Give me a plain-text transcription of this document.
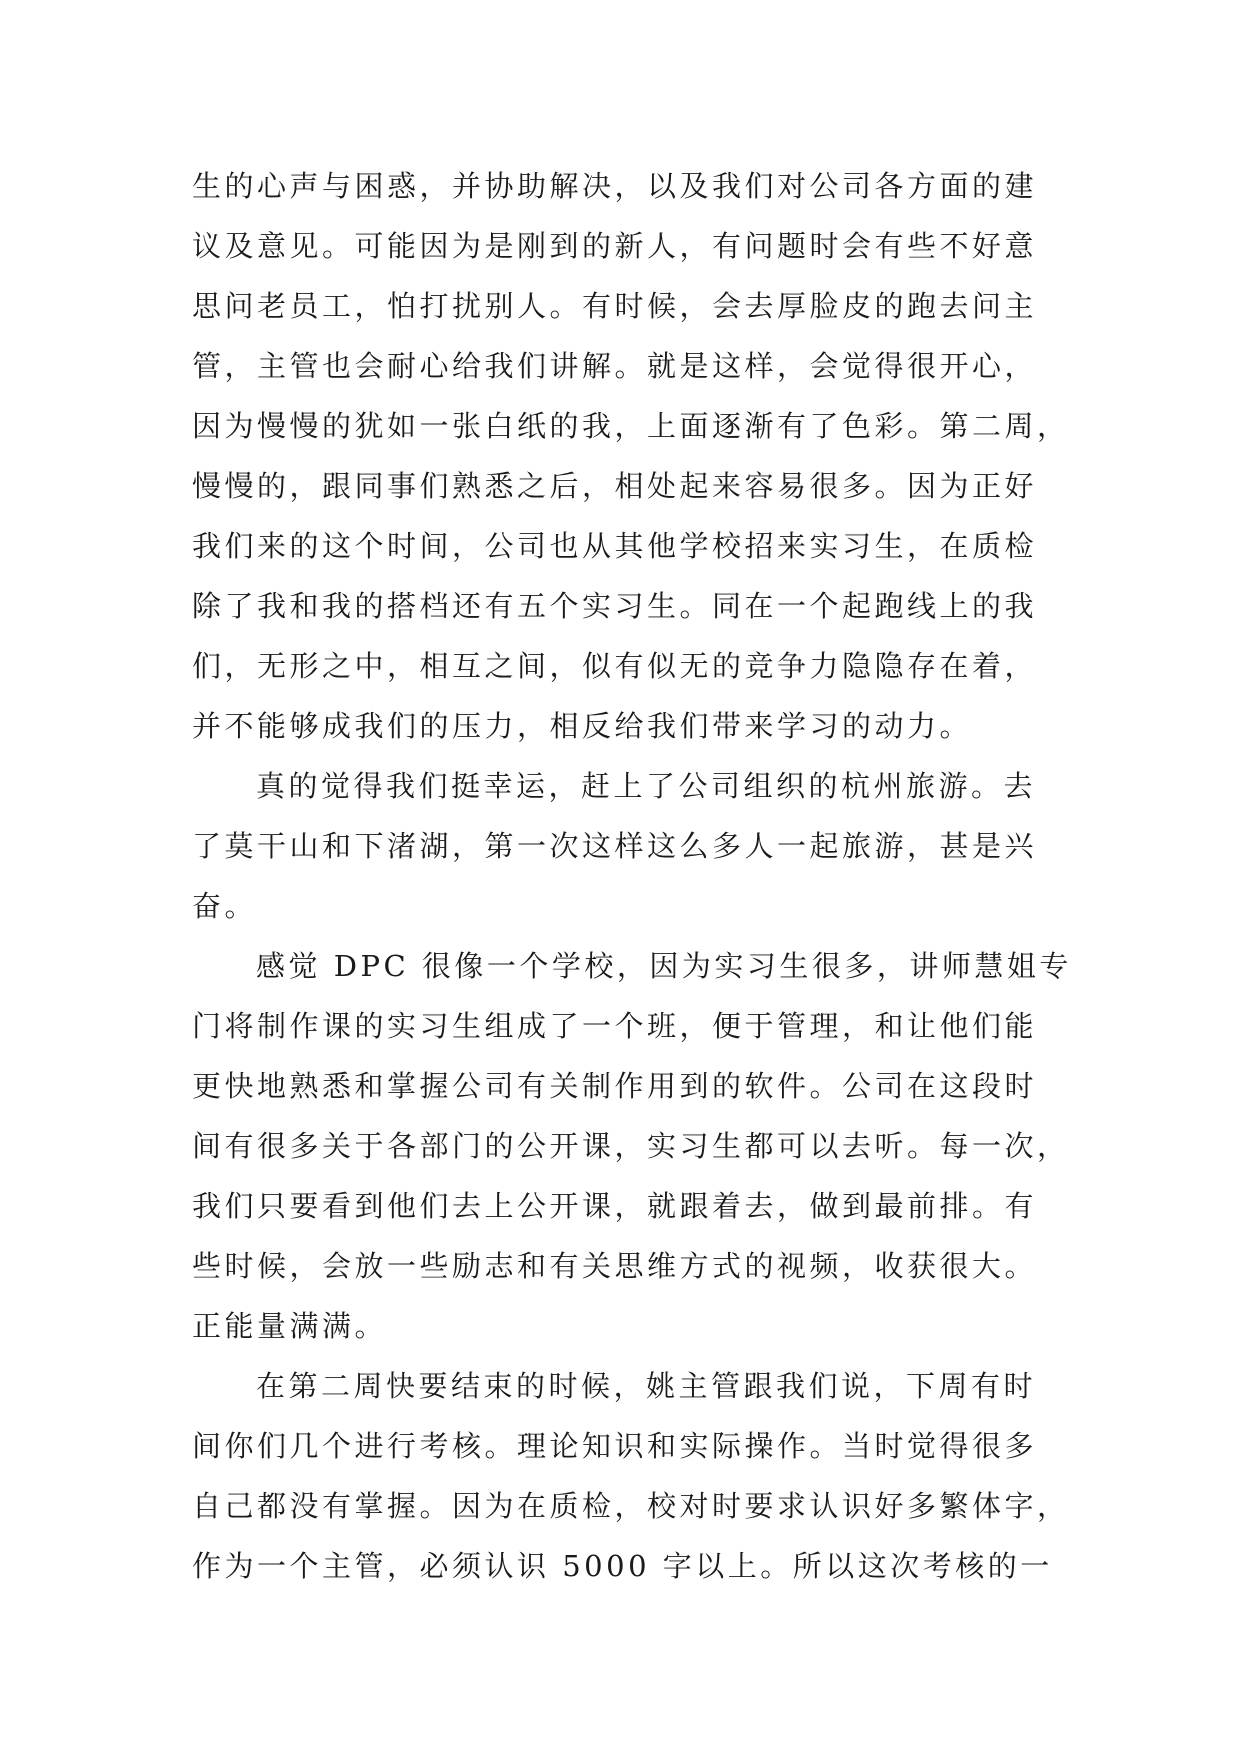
生的心声与困惑，并协助解决，以及我们对公司各方面的建
议及意见。可能因为是刚到的新人，有问题时会有些不好意
思问老员工，怕打扰别人。有时候，会去厚脸皮的跑去问主
管，主管也会耐心给我们讲解。就是这样，会觉得很开心，
因为慢慢的犹如一张白纸的我，上面逐渐有了色彩。第二周，
慢慢的，跟同事们熟悉之后，相处起来容易很多。因为正好
我们来的这个时间，公司也从其他学校招来实习生，在质检
除了我和我的搭档还有五个实习生。同在一个起跑线上的我
们，无形之中，相互之间，似有似无的竞争力隐隐存在着，
并不能够成我们的压力，相反给我们带来学习的动力。
真的觉得我们挺幸运，赶上了公司组织的杭州旅游。去
了莫干山和下渚湖，第一次这样这么多人一起旅游，甚是兴
奋。
感觉 DPC 很像一个学校，因为实习生很多，讲师慧姐专
门将制作课的实习生组成了一个班，便于管理，和让他们能
更快地熟悉和掌握公司有关制作用到的软件。公司在这段时
间有很多关于各部门的公开课，实习生都可以去听。每一次，
我们只要看到他们去上公开课，就跟着去，做到最前排。有
些时候，会放一些励志和有关思维方式的视频，收获很大。
正能量满满。
在第二周快要结束的时候，姚主管跟我们说，下周有时
间你们几个进行考核。理论知识和实际操作。当时觉得很多
自己都没有掌握。因为在质检，校对时要求认识好多繁体字，
作为一个主管，必须认识 5000 字以上。所以这次考核的一
